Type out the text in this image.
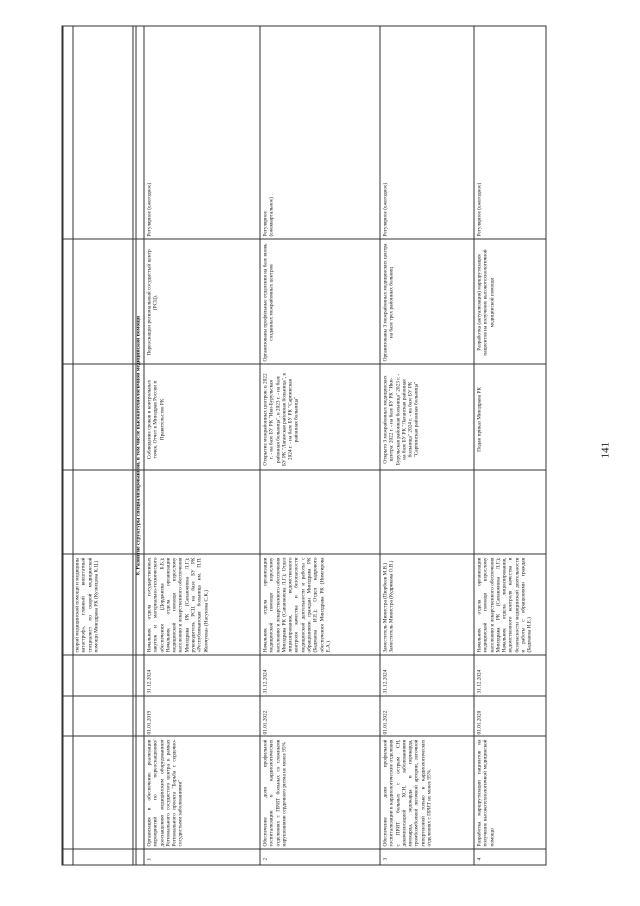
скорой медицинской помощи и медицины катастроф», главный внештатный специалист по скорой медицинской помощи Минздрава РК (Кузнецова К.Ц.)
8. Развитие структуры специализированной, в том числе высокотехнологичной медицинской помощи
1
Организация и обеспечение реализации мероприятий по переоснащению/дооснащению медицинским оборудованием Регионального сосудистого центра в рамках Регионального проекта "Борьба с сердечно-сосудистыми заболеваниями"
01.01.2019
31.12.2024
Начальник отдела государственных закупок и материально-технического обеспечения (Дорджиева Б.Б.); Начальник отдела организации медицинской помощи взрослому населению и лекарственного обеспечения Минздрава РК (Сапанжиева Л.Г.); руководитель РСЦ на базе БУ РК «Республиканская больница им. П.П. Жемчуева» (Насунова С.К.)
Соблюдение сроков и контрольных точек. Отчет в Минздрав России и Правительство РК
Переоснащен региональный сосудистый центр (РСЦ).
Регулярное (ежегодное)
2
Обеспечение доли профильной госпитализации в кардиологических отделениях с ПРИТ больных со сложными нарушениями сердечного ритма не менее 95%
01.01.2022
31.12.2024
Начальник отдела организации медицинской помощи взрослому населению и лекарственного обеспечения Минздрава РК (Сапанжиева Л.Г.); Отдел лицензирования, ведомственного контроля качества и безопасности медицинской деятельности и работы с обращениями граждан Минздрава РК (Бадмаева И.Е.); Отдел кадрового обеспечения Минздрава РК (Нимгирова Е.А.)
Открытие межрайонных центров: в 2022 г. - на базе БУ РК "Ики-Бурульская районная больница", в 2023 г. - на базе БУ РК "Лаганская районная больница", в 2024 г. - на базе БУ РК "Сарпинская районная больница"
Организованы профильные отделения на базе вновь созданных межрайонных центров
Регулярное (ежеквартальное)
3
Обеспечение доли профильной госпитализации в кардиологические отделения с ПРИТ больных с острым СН, декомпенсацией ХСН, заболеваниями миокарда, эндокарда и перикарда, тромбоэмболией легочной артерии, легочной гипертензией только в кардиологических отделениях с ПРИТ не менее 95%.
01.01.2022
31.12.2024
Заместитель Министра (Пюрбеев М.В.) Заместитель Министра (Кудрикова О.В.)
Открыто 3 межрайонных медицинских центра: 2022 г. - на базе БУ РК "Ики-Бурульская районная больница" 2023 г. - на базе БУ РК "Лаганская районная больница" 2024 г. - на базе БУ РК "Сарпинская районная больница"
Организованы 3 межрайонных медицинских центра на базе трех районных больниц
Регулярное (ежегодное)
4
Разработка маршрутизации пациентов на получение высокотехнологичной медицинской помощи
01.01.2020
31.12.2024
Начальник отдела организации медицинской помощи взрослому населению и лекарственного обеспечения Минздрава РК (Сапанжиева Л.Г.); Начальник отдела лицензирования, ведомственного контроля качества и безопасности медицинской деятельности и работы с обращениями граждан (Бадмаева И.Е.)
Подан приказ Минздрава РК
Разработка (актуализация) маршрутизация пациентов на получение высокотехнологичной медицинской помощи
Регулярное (ежегодное)
141
